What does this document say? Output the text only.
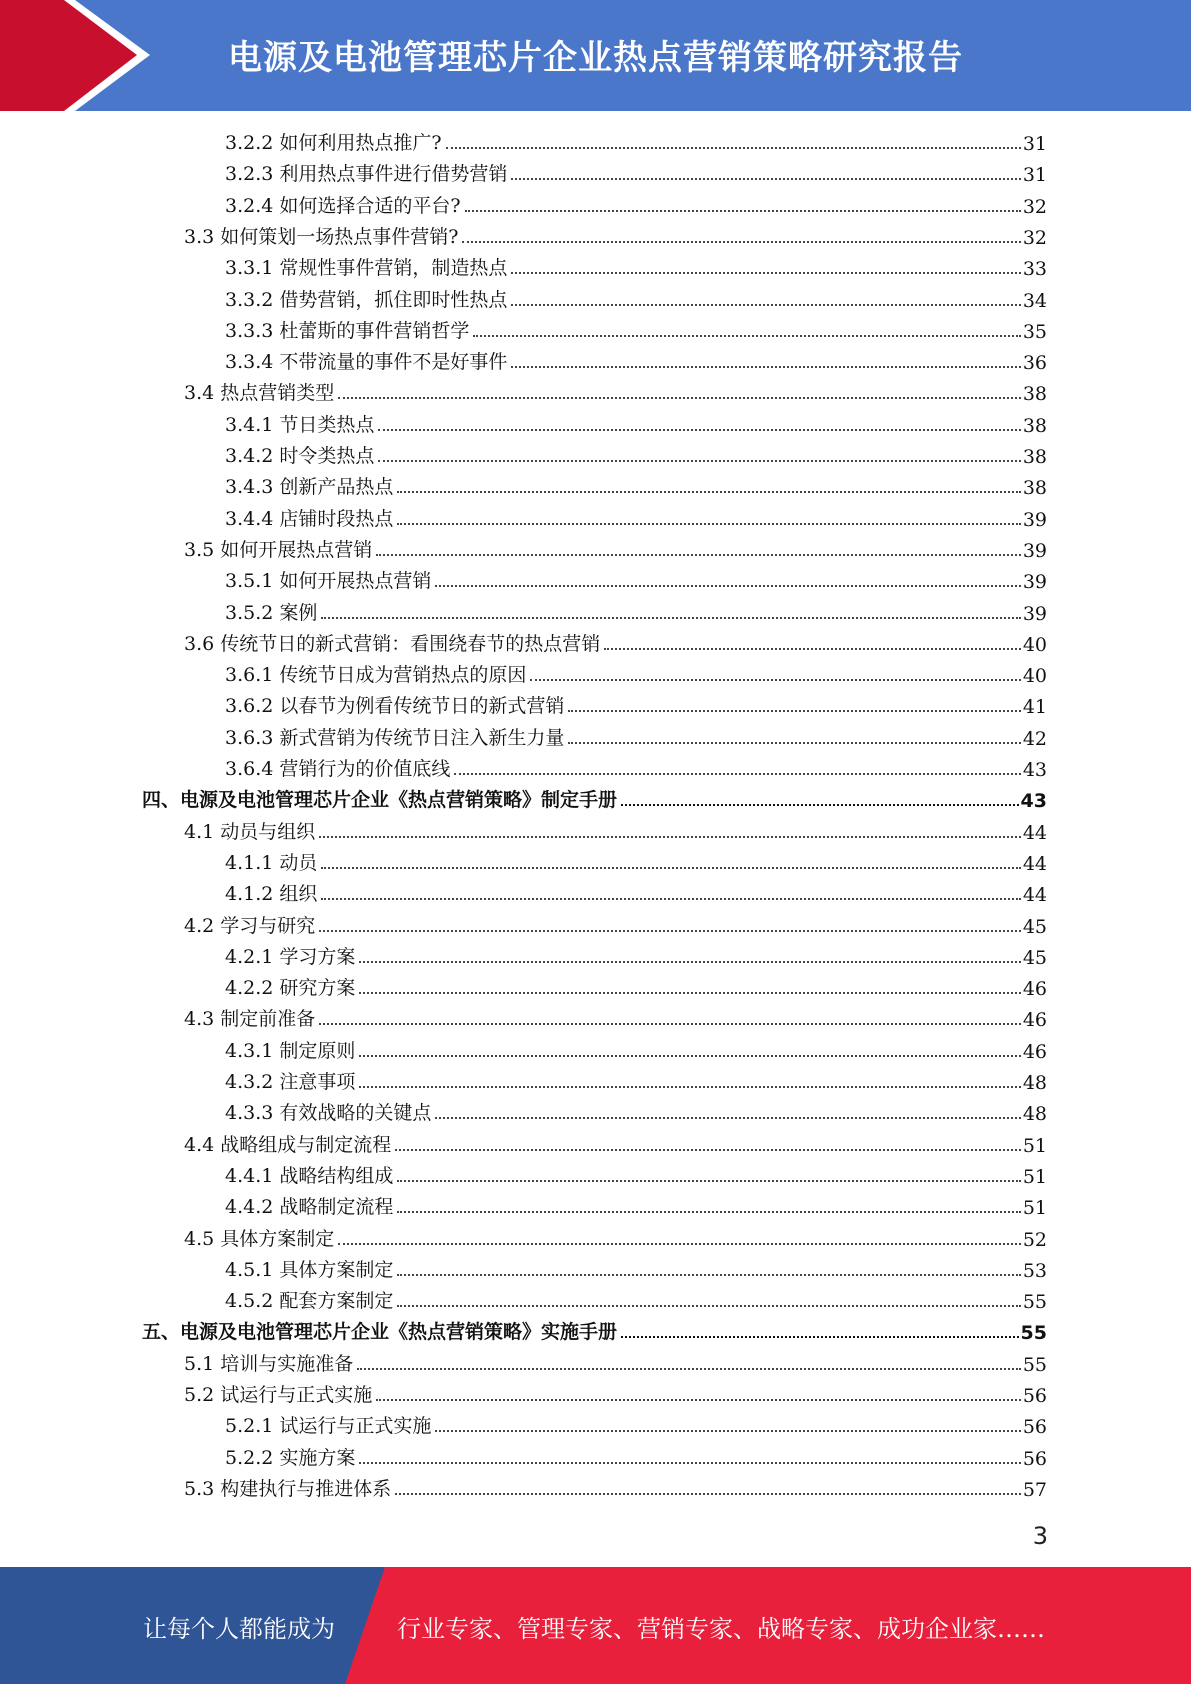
电源及电池管理芯片企业热点营销策略研究报告
3.2.2 如何利用热点推广?	31
3.2.3 利用热点事件进行借势营销	31
3.2.4 如何选择合适的平台?	32
3.3 如何策划一场热点事件营销?	32
3.3.1 常规性事件营销，制造热点	33
3.3.2 借势营销，抓住即时性热点	34
3.3.3 杜蕾斯的事件营销哲学	35
3.3.4 不带流量的事件不是好事件	36
3.4 热点营销类型	38
3.4.1 节日类热点	38
3.4.2 时令类热点	38
3.4.3 创新产品热点	38
3.4.4 店铺时段热点	39
3.5 如何开展热点营销	39
3.5.1 如何开展热点营销	39
3.5.2 案例	39
3.6 传统节日的新式营销：看围绕春节的热点营销	40
3.6.1 传统节日成为营销热点的原因	40
3.6.2 以春节为例看传统节日的新式营销	41
3.6.3 新式营销为传统节日注入新生力量	42
3.6.4 营销行为的价值底线	43
四、电源及电池管理芯片企业《热点营销策略》制定手册	43
4.1 动员与组织	44
4.1.1 动员	44
4.1.2 组织	44
4.2 学习与研究	45
4.2.1 学习方案	45
4.2.2 研究方案	46
4.3 制定前准备	46
4.3.1 制定原则	46
4.3.2 注意事项	48
4.3.3 有效战略的关键点	48
4.4 战略组成与制定流程	51
4.4.1 战略结构组成	51
4.4.2 战略制定流程	51
4.5 具体方案制定	52
4.5.1 具体方案制定	53
4.5.2 配套方案制定	55
五、电源及电池管理芯片企业《热点营销策略》实施手册	55
5.1 培训与实施准备	55
5.2 试运行与正式实施	56
5.2.1 试运行与正式实施	56
5.2.2 实施方案	56
5.3 构建执行与推进体系	57
3
让每个人都能成为	行业专家、管理专家、营销专家、战略专家、成功企业家……
